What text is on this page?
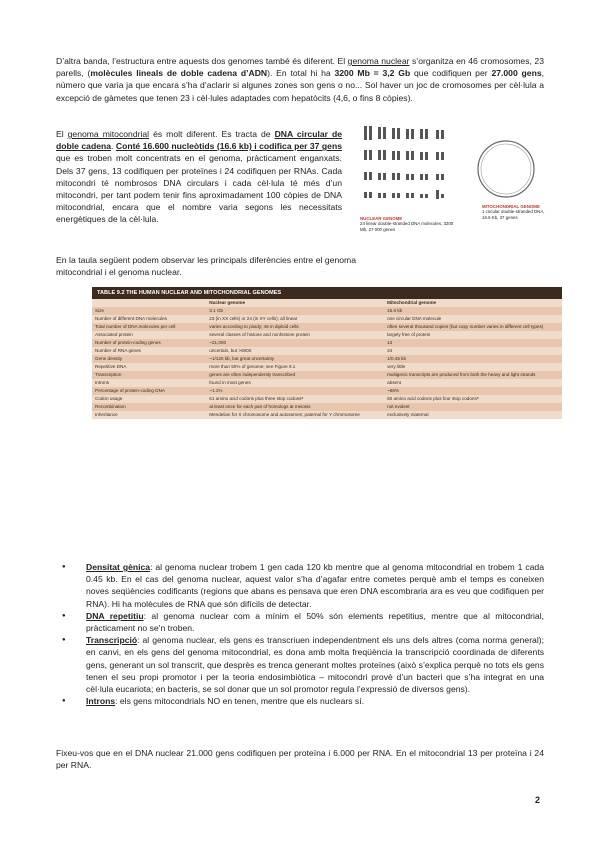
D’altra banda, l’estructura entre aquests dos genomes també és diferent. El genoma nuclear s’organitza en 46 cromosomes, 23 parells, (molècules lineals de doble cadena d’ADN). En total hi ha 3200 Mb = 3,2 Gb que codifiquen per 27.000 gens, número que varia ja que encara s’ha d’aclarir si algunes zones son gens o no... Sol haver un joc de cromosomes per cèl·lula a excepció de gàmetes que tenen 23 i cèl·lules adaptades com hepatòcits (4,6, o fins 8 còpies).

El genoma mitocondrial és molt diferent. Es tracta de DNA circular de doble cadena. Conté 16.600 nucleòtids (16.6 kb) i codifica per 37 gens que es troben molt concentrats en el genoma, pràcticament enganxats. Dels 37 gens, 13 codifiquen per proteïnes i 24 codifiquen per RNAs. Cada mitocondri té nombrosos DNA circulars i cada cèl·lula té més d’un mitocondri, per tant podem tenir fins aproximadament 100 còpies de DNA mitocondrial, encara que el nombre varia segons les necessitats energètiques de la cèl·lula.	NUCLEAR GENOME
24 linear double-stranded DNA molecules, 3200 Mb, 27 000 genes
MITOCHONDRIAL GENOME
1 circular double-stranded DNA, 16.6 Kb, 37 genes

En la taula següent podem observar les principals diferències entre el genoma mitocondrial i el genoma nuclear.

TABLE 9.2 THE HUMAN NUCLEAR AND MITOCHONDRIAL GENOMES
	Nuclear genome	Mitochondrial genome
Size	3.1 Gb	16.6 kb
Number of different DNA molecules	23 (in XX cells) or 24 (in XY cells); all linear	one circular DNA molecule
Total number of DNA molecules per cell	varies according to ploidy; 46 in diploid cells	often several thousand copies (but copy number varies in different cell types)
Associated protein	several classes of histone and nonhistone protein	largely free of protein
Number of protein-coding genes	~21,000	13
Number of RNA genes	uncertain, but >6000	24
Gene density	~1/120 kb, but great uncertainty	1/0.45 kb
Repetitive DNA	more than 50% of genome; see Figure 9.1	very little
Transcription	genes are often independently transcribed	multigenic transcripts are produced from both the heavy and light strands
Introns	found in most genes	absent
Percentage of protein-coding DNA	~1.1%	~66%
Codon usage	61 amino acid codons plus three stop codonsᵃ	60 amino acid codons plus four stop codonsᵃ
Recombination	at least once for each pair of homologs at meiosis	not evident
Inheritance	Mendelian for X chromosome and autosomes; paternal for Y chromosome	exclusively maternal
● Densitat gènica: al genoma nuclear trobem 1 gen cada 120 kb mentre que al genoma mitocondrial en trobem 1 cada 0.45 kb. En el cas del genoma nuclear, aquest valor s’ha d’agafar entre cometes perquè amb el temps es coneixen noves seqüències codificants (regions que abans es pensava que eren DNA escombraria ara es veu que codifiquen per RNA). Hi ha molècules de RNA que són difícils de detectar.
● DNA repetitiu: al genoma nuclear com a mínim el 50% són elements repetitius, mentre que al mitocondrial, pràcticament no se’n troben.
● Transcripció: al genoma nuclear, els gens es transcriuen independentment els uns dels altres (coma norma general); en canvi, en els gens del genoma mitocondrial, es dona amb molta freqüència la transcripció coordinada de diferents gens, generant un sol transcrit, que desprès es trenca generant moltes proteïnes (això s’explica perquè no tots els gens tenen el seu propi promotor i per la teoria endosimbiòtica – mitocondri provè d’un bacteri que s’ha integrat en una cèl·lula eucariota; en bacteris, se sol donar que un sol promotor regula l’expressió de diversos gens).
● Introns: els gens mitocondrials NO en tenen, mentre que els nuclears sí.

Fixeu-vos que en el DNA nuclear 21.000 gens codifiquen per proteïna i 6.000 per RNA. En el mitocondrial 13 per proteïna i 24 per RNA.

2
